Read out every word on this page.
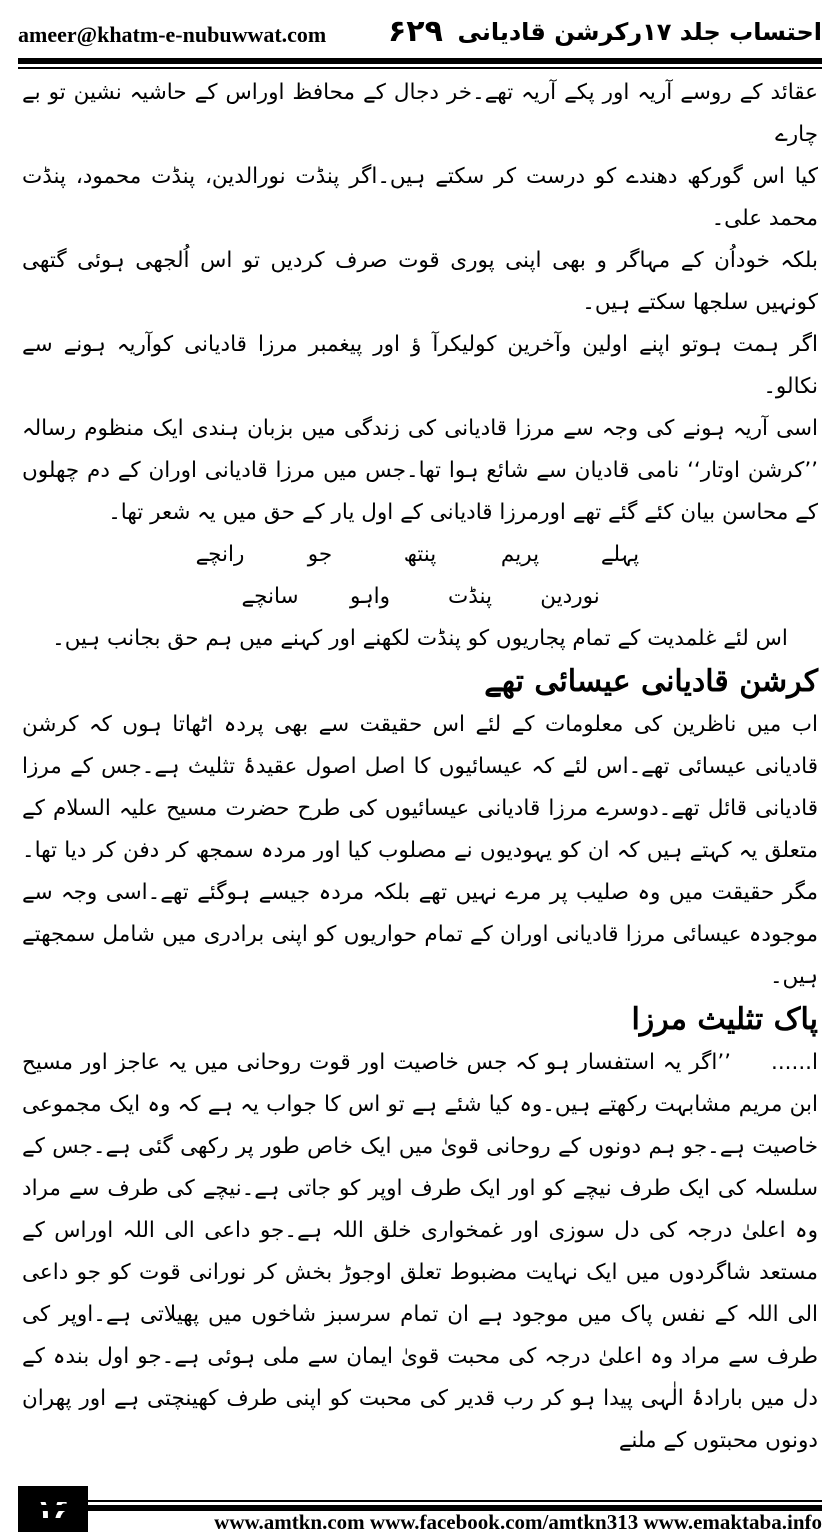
ameer@khatm-e-nubuwwat.com ۶۲۹ احتساب جلد ۱۷رکرشن قادیانی

عقائد کے روسے آریہ اور پکے آریہ تھے۔خر دجال کے محافظ اوراس کے حاشیہ نشین تو بے چارے

کیا اس گورکھ دھندے کو درست کر سکتے ہیں۔اگر پنڈت نورالدین، پنڈت محمود، پنڈت محمد علی۔

بلکہ خوداُن کے مہاگر و بھی اپنی پوری قوت صرف کردیں تو اس اُلجھی ہوئی گتھی کونہیں سلجھا سکتے ہیں۔

اگر ہمت ہوتو اپنے اولین وآخرین کولیکرآ ؤ اور پیغمبر مرزا قادیانی کوآریہ ہونے سے نکالو۔

اسی آریہ ہونے کی وجہ سے مرزا قادیانی کی زندگی میں بزبان ہندی ایک منظوم رسالہ ’’کرشن اوتار‘‘ نامی قادیان سے شائع ہوا تھا۔جس میں مرزا قادیانی اوران کے دم چھلوں کے محاسن بیان کئے گئے تھے اورمرزا قادیانی کے اول یار کے حق میں یہ شعر تھا۔

پہلے
پریم
پنتھ
جو
رانچے
نوردین
پنڈت
واہو
سانچے

اس لئے غلمدیت کے تمام پجاریوں کو پنڈت لکھنے اور کہنے میں ہم حق بجانب ہیں۔

کرشن قادیانی عیسائی تھے

اب میں ناظرین کی معلومات کے لئے اس حقیقت سے بھی پردہ اٹھاتا ہوں کہ کرشن قادیانی عیسائی تھے۔اس لئے کہ عیسائیوں کا اصل اصول عقیدۂ تثلیث ہے۔جس کے مرزا قادیانی قائل تھے۔دوسرے مرزا قادیانی عیسائیوں کی طرح حضرت مسیح علیہ السلام کے متعلق یہ کہتے ہیں کہ ان کو یہودیوں نے مصلوب کیا اور مردہ سمجھ کر دفن کر دیا تھا۔مگر حقیقت میں وہ صلیب پر مرے نہیں تھے بلکہ مردہ جیسے ہوگئے تھے۔اسی وجہ سے موجودہ عیسائی مرزا قادیانی اوران کے تمام حواریوں کو اپنی برادری میں شامل سمجھتے ہیں۔

پاک تثلیث مرزا

ا......’’اگر یہ استفسار ہو کہ جس خاصیت اور قوت روحانی میں یہ عاجز اور مسیح ابن مریم مشابہت رکھتے ہیں۔وہ کیا شئے ہے تو اس کا جواب یہ ہے کہ وہ ایک مجموعی خاصیت ہے۔جو ہم دونوں کے روحانی قویٰ میں ایک خاص طور پر رکھی گئی ہے۔جس کے سلسلہ کی ایک طرف نیچے کو اور ایک طرف اوپر کو جاتی ہے۔نیچے کی طرف سے مراد وہ اعلیٰ درجہ کی دل سوزی اور غمخواری خلق اللہ ہے۔جو داعی الی اللہ اوراس کے مستعد شاگردوں میں ایک نہایت مضبوط تعلق اوجوڑ بخش کر نورانی قوت کو جو داعی الی اللہ کے نفس پاک میں موجود ہے ان تمام سرسبز شاخوں میں پھیلاتی ہے۔اوپر کی طرف سے مراد وہ اعلیٰ درجہ کی محبت قویٰ ایمان سے ملی ہوئی ہے۔جو اول بندہ کے دل میں بارادۂ الٰہی پیدا ہو کر رب قدیر کی محبت کو اپنی طرف کھینچتی ہے اور پھران دونوں محبتوں کے ملنے

www.amtkn.com www.facebook.com/amtkn313 www.emaktaba.info
